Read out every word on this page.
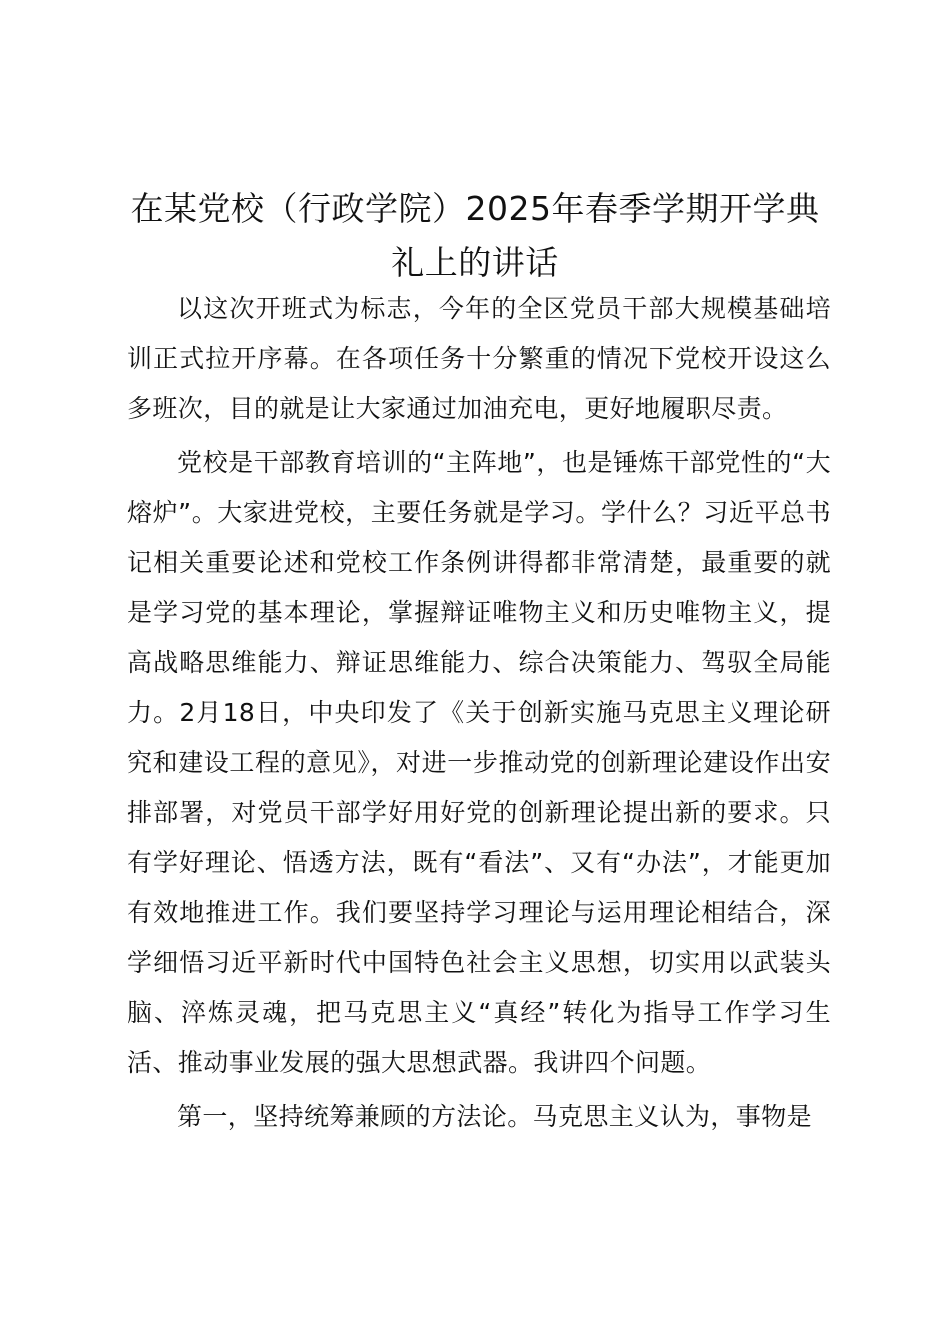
在某党校（行政学院）2025年春季学期开学典礼上的讲话

以这次开班式为标志，今年的全区党员干部大规模基础培训正式拉开序幕。在各项任务十分繁重的情况下党校开设这么多班次，目的就是让大家通过加油充电，更好地履职尽责。

党校是干部教育培训的“主阵地”，也是锤炼干部党性的“大熔炉”。大家进党校，主要任务就是学习。学什么？习近平总书记相关重要论述和党校工作条例讲得都非常清楚，最重要的就是学习党的基本理论，掌握辩证唯物主义和历史唯物主义，提高战略思维能力、辩证思维能力、综合决策能力、驾驭全局能力。2月18日，中央印发了《关于创新实施马克思主义理论研究和建设工程的意见》，对进一步推动党的创新理论建设作出安排部署，对党员干部学好用好党的创新理论提出新的要求。只有学好理论、悟透方法，既有“看法”、又有“办法”，才能更加有效地推进工作。我们要坚持学习理论与运用理论相结合，深学细悟习近平新时代中国特色社会主义思想，切实用以武装头脑、淬炼灵魂，把马克思主义“真经”转化为指导工作学习生活、推动事业发展的强大思想武器。我讲四个问题。

第一，坚持统筹兼顾的方法论。马克思主义认为，事物是
